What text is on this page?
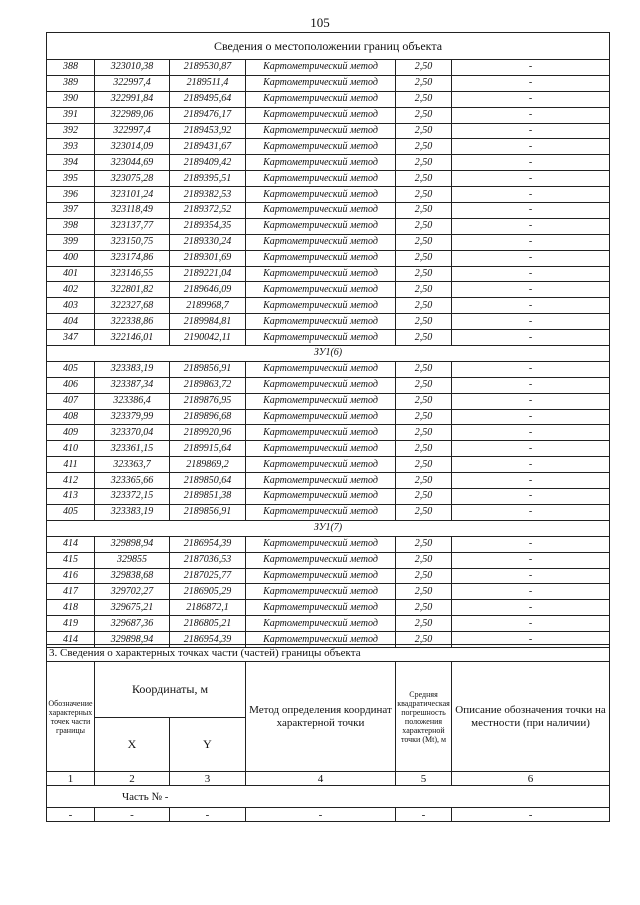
105
Сведения о местоположении границ объекта					
388	323010,38	2189530,87	Картометрический метод	2,50	-
389	322997,4	2189511,4	Картометрический метод	2,50	-
390	322991,84	2189495,64	Картометрический метод	2,50	-
391	322989,06	2189476,17	Картометрический метод	2,50	-
392	322997,4	2189453,92	Картометрический метод	2,50	-
393	323014,09	2189431,67	Картометрический метод	2,50	-
394	323044,69	2189409,42	Картометрический метод	2,50	-
395	323075,28	2189395,51	Картометрический метод	2,50	-
396	323101,24	2189382,53	Картометрический метод	2,50	-
397	323118,49	2189372,52	Картометрический метод	2,50	-
398	323137,77	2189354,35	Картометрический метод	2,50	-
399	323150,75	2189330,24	Картометрический метод	2,50	-
400	323174,86	2189301,69	Картометрический метод	2,50	-
401	323146,55	2189221,04	Картометрический метод	2,50	-
402	322801,82	2189646,09	Картометрический метод	2,50	-
403	322327,68	2189968,7	Картометрический метод	2,50	-
404	322338,86	2189984,81	Картометрический метод	2,50	-
347	322146,01	2190042,11	Картометрический метод	2,50	-
ЗУ1(6)					
405	323383,19	2189856,91	Картометрический метод	2,50	-
406	323387,34	2189863,72	Картометрический метод	2,50	-
407	323386,4	2189876,95	Картометрический метод	2,50	-
408	323379,99	2189896,68	Картометрический метод	2,50	-
409	323370,04	2189920,96	Картометрический метод	2,50	-
410	323361,15	2189915,64	Картометрический метод	2,50	-
411	323363,7	2189869,2	Картометрический метод	2,50	-
412	323365,66	2189850,64	Картометрический метод	2,50	-
413	323372,15	2189851,38	Картометрический метод	2,50	-
405	323383,19	2189856,91	Картометрический метод	2,50	-
ЗУ1(7)					
414	329898,94	2186954,39	Картометрический метод	2,50	-
415	329855	2187036,53	Картометрический метод	2,50	-
416	329838,68	2187025,77	Картометрический метод	2,50	-
417	329702,27	2186905,29	Картометрический метод	2,50	-
418	329675,21	2186872,1	Картометрический метод	2,50	-
419	329687,36	2186805,21	Картометрический метод	2,50	-
414	329898,94	2186954,39	Картометрический метод	2,50	-
3. Сведения о характерных точках части (частей) границы объекта					
Обозначение характерных точек части границы	Координаты, м		Метод определения координат характерной точки	Средняя квадратическая погрешность положения характерной точки (Mt), м	Описание обозначения точки на местности (при наличии)
	X	Y			
1	2	3	4	5	6
Часть № -					
-	-	-	-	-	-
